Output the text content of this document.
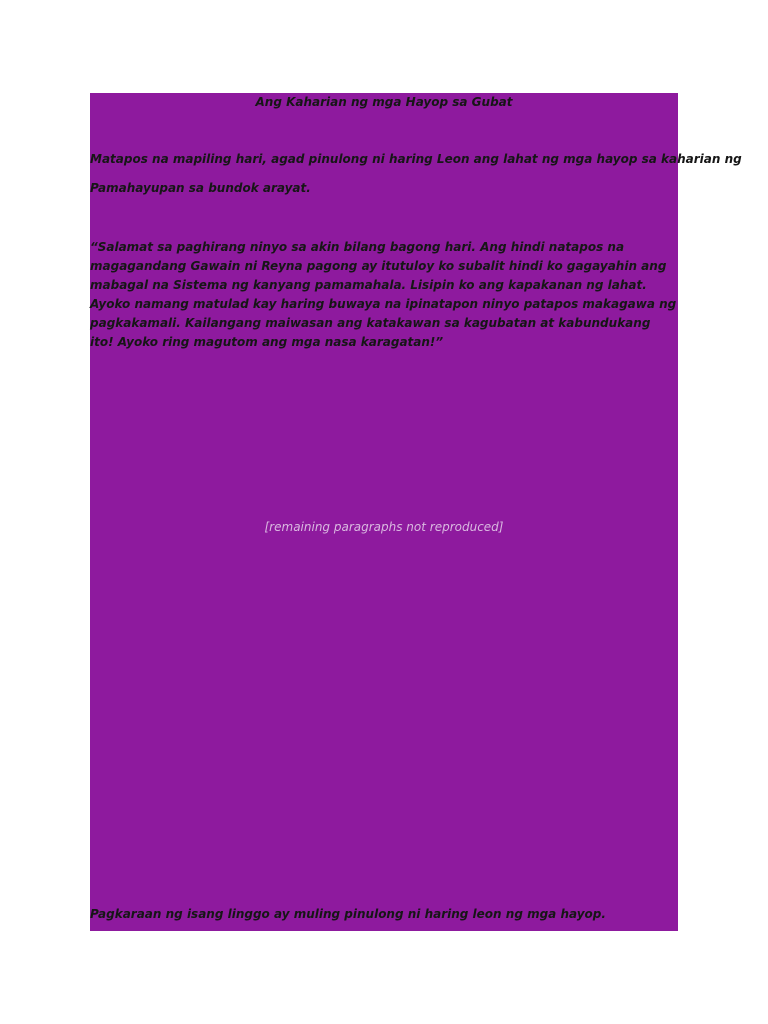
Ang Kaharian ng mga Hayop sa Gubat
Matapos na mapiling hari, agad pinulong ni haring Leon ang lahat ng mga hayop sa kaharian ng
Pamahayupan sa bundok arayat.
“Salamat sa paghirang ninyo sa akin bilang bagong hari. Ang hindi natapos na magagandang Gawain ni Reyna pagong ay itutuloy ko subalit hindi ko gagayahin ang mabagal na Sistema ng kanyang pamamahala. Lisipin ko ang kapakanan ng lahat. Ayoko namang matulad kay haring buwaya na ipinatapon ninyo patapos makagawa ng pagkakamali. Kailangang maiwasan ang katakawan sa kagubatan at kabundukang ito! Ayoko ring magutom ang mga nasa karagatan!”
[remaining paragraphs not reproduced]
Pagkaraan ng isang linggo ay muling pinulong ni haring leon ng mga hayop.
